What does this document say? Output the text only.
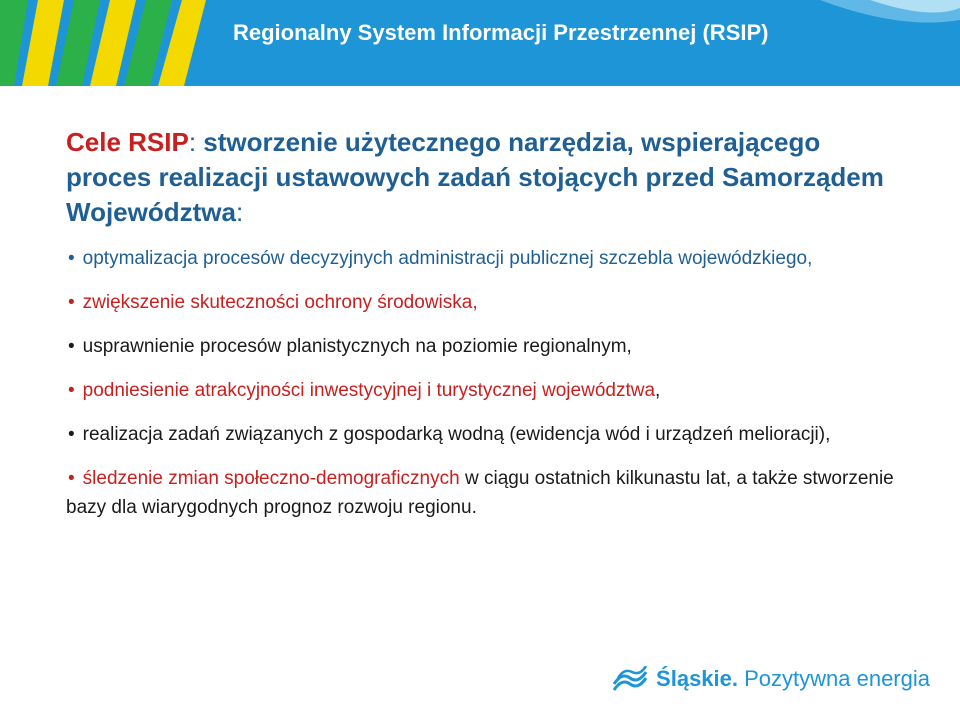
Regionalny System Informacji Przestrzennej (RSIP)

Cele RSIP: stworzenie użytecznego narzędzia, wspierającego proces realizacji ustawowych zadań stojących przed Samorządem Województwa:

• optymalizacja procesów decyzyjnych administracji publicznej szczebla wojewódzkiego,
• zwiększenie skuteczności ochrony środowiska,
• usprawnienie procesów planistycznych na poziomie regionalnym,
• podniesienie atrakcyjności inwestycyjnej i turystycznej województwa,
• realizacja zadań związanych z gospodarką wodną (ewidencja wód i urządzeń melioracji),
• śledzenie zmian społeczno-demograficznych w ciągu ostatnich kilkunastu lat, a także stworzenie bazy dla wiarygodnych prognoz rozwoju regionu.
Śląskie. Pozytywna energia
